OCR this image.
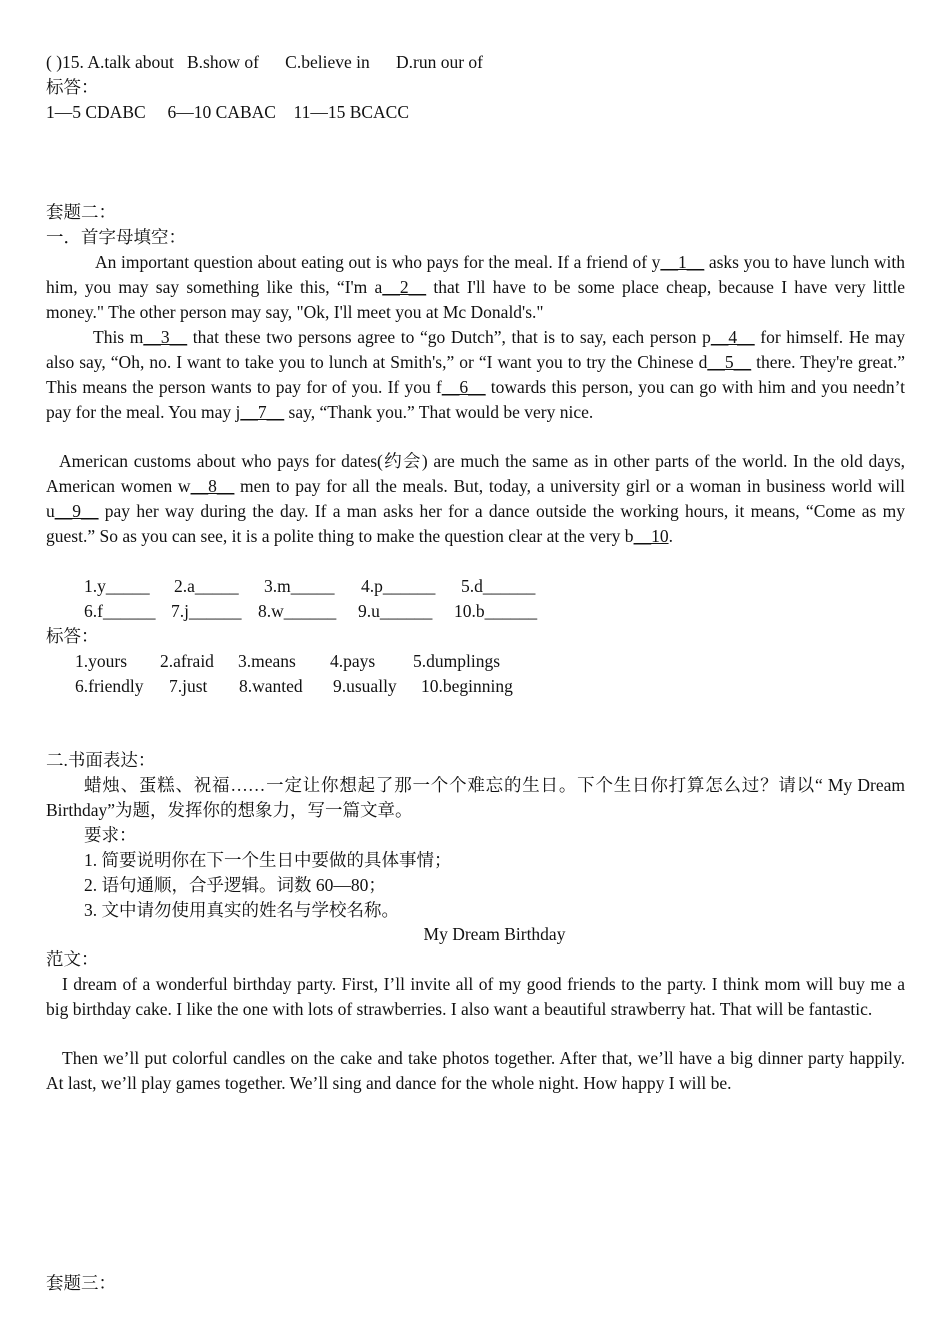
( )15. A.talk about B.show of C.believe in D.run our of
标答：
1—5 CDABC 6—10 CABAC 11—15 BCACC
套题二：
一．首字母填空：
An important question about eating out is who pays for the meal. If a friend of y__1__ asks you to have lunch with him, you may say something like this, “I'm a__2__ that I'll have to be some place cheap, because I have very little money." The other person may say, "Ok, I'll meet you at Mc Donald's."
This m__3__ that these two persons agree to “go Dutch”, that is to say, each person p__4__ for himself. He may also say, “Oh, no. I want to take you to lunch at Smith's,” or “I want you to try the Chinese d__5__ there. They're great.” This means the person wants to pay for of you. If you f__6__ towards this person, you can go with him and you needn’t pay for the meal. You may j__7__ say, “Thank you.” That would be very nice.
American customs about who pays for dates(约会) are much the same as in other parts of the world. In the old days, American women w__8__ men to pay for all the meals. But, today, a university girl or a woman in business world will u__9__ pay her way during the day. If a man asks her for a dance outside the working hours, it means, “Come as my guest.” So as you can see, it is a polite thing to make the question clear at the very b__10.
1.y_____ 2.a_____ 3.m_____ 4.p______ 5.d______
6.f______ 7.j______ 8.w______ 9.u______ 10.b______
标答：
1.yours 2.afraid 3.means 4.pays 5.dumplings
6.friendly 7.just 8.wanted 9.usually 10.beginning
二.书面表达：
蜡烛、蛋糕、祝福……一定让你想起了那一个个难忘的生日。下个生日你打算怎么过？请以“ My Dream Birthday”为题，发挥你的想象力，写一篇文章。
要求：
1. 简要说明你在下一个生日中要做的具体事情；
2. 语句通顺，合乎逻辑。词数 60—80；
3. 文中请勿使用真实的姓名与学校名称。
My Dream Birthday
范文：
I dream of a wonderful birthday party. First, I’ll invite all of my good friends to the party. I think mom will buy me a big birthday cake. I like the one with lots of strawberries. I also want a beautiful strawberry hat. That will be fantastic.
Then we’ll put colorful candles on the cake and take photos together. After that, we’ll have a big dinner party happily. At last, we’ll play games together. We’ll sing and dance for the whole night. How happy I will be.
套题三：
